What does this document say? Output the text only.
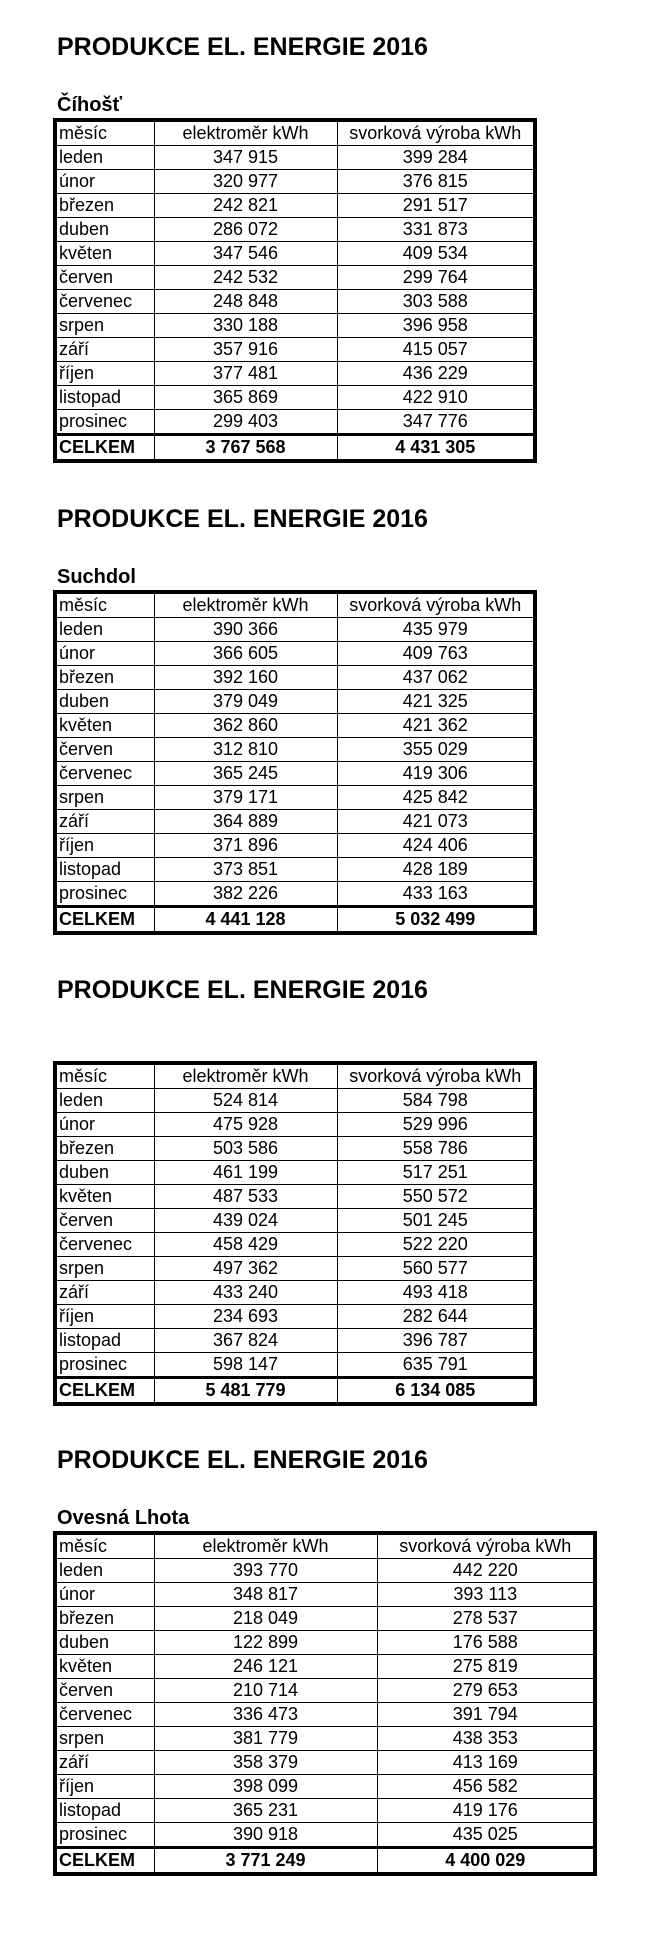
PRODUKCE EL. ENERGIE 2016
Číhošť
měsíc	elektroměr kWh	svorková výroba kWh
leden	347 915	399 284
únor	320 977	376 815
březen	242 821	291 517
duben	286 072	331 873
květen	347 546	409 534
červen	242 532	299 764
červenec	248 848	303 588
srpen	330 188	396 958
září	357 916	415 057
říjen	377 481	436 229
listopad	365 869	422 910
prosinec	299 403	347 776
CELKEM	3 767 568	4 431 305
PRODUKCE EL. ENERGIE 2016
Suchdol
měsíc	elektroměr kWh	svorková výroba kWh
leden	390 366	435 979
únor	366 605	409 763
březen	392 160	437 062
duben	379 049	421 325
květen	362 860	421 362
červen	312 810	355 029
červenec	365 245	419 306
srpen	379 171	425 842
září	364 889	421 073
říjen	371 896	424 406
listopad	373 851	428 189
prosinec	382 226	433 163
CELKEM	4 441 128	5 032 499
PRODUKCE EL. ENERGIE 2016
měsíc	elektroměr kWh	svorková výroba kWh
leden	524 814	584 798
únor	475 928	529 996
březen	503 586	558 786
duben	461 199	517 251
květen	487 533	550 572
červen	439 024	501 245
červenec	458 429	522 220
srpen	497 362	560 577
září	433 240	493 418
říjen	234 693	282 644
listopad	367 824	396 787
prosinec	598 147	635 791
CELKEM	5 481 779	6 134 085
PRODUKCE EL. ENERGIE 2016
Ovesná Lhota
měsíc	elektroměr kWh	svorková výroba kWh
leden	393 770	442 220
únor	348 817	393 113
březen	218 049	278 537
duben	122 899	176 588
květen	246 121	275 819
červen	210 714	279 653
červenec	336 473	391 794
srpen	381 779	438 353
září	358 379	413 169
říjen	398 099	456 582
listopad	365 231	419 176
prosinec	390 918	435 025
CELKEM	3 771 249	4 400 029
